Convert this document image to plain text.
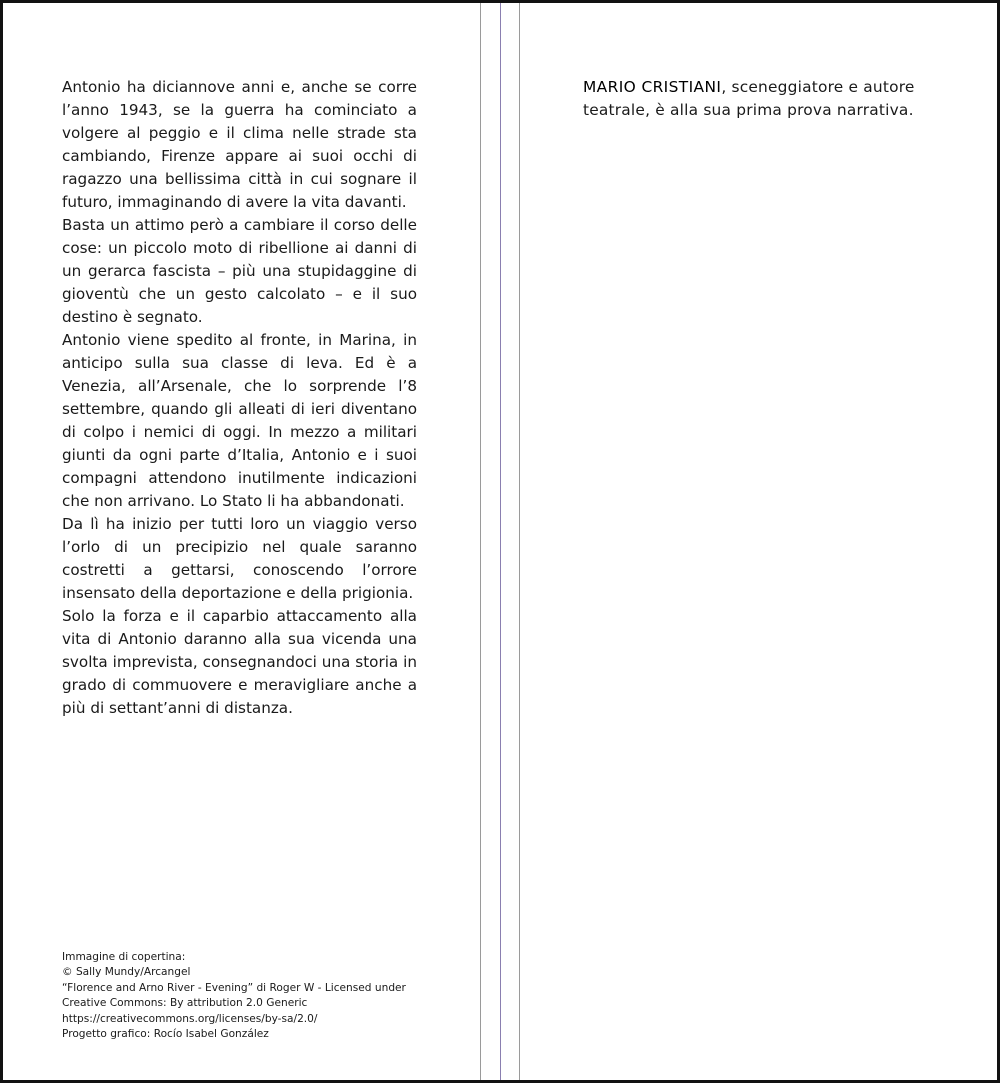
Antonio ha diciannove anni e, anche se corre l’anno 1943, se la guerra ha cominciato a volgere al peggio e il clima nelle strade sta cambiando, Firenze appare ai suoi occhi di ragazzo una bellissima città in cui sognare il futuro, immaginando di avere la vita davanti.

Basta un attimo però a cambiare il corso delle cose: un piccolo moto di ribellione ai danni di un gerarca fascista – più una stupidaggine di gioventù che un gesto calcolato – e il suo destino è segnato.

Antonio viene spedito al fronte, in Marina, in anticipo sulla sua classe di leva. Ed è a Venezia, all’Arsenale, che lo sorprende l’8 settembre, quando gli alleati di ieri diventano di colpo i nemici di oggi. In mezzo a militari giunti da ogni parte d’Italia, Antonio e i suoi compagni attendono inutilmente indicazioni che non arrivano. Lo Stato li ha abbandonati.

Da lì ha inizio per tutti loro un viaggio verso l’orlo di un precipizio nel quale saranno costretti a gettarsi, conoscendo l’orrore insensato della deportazione e della prigionia.

Solo la forza e il caparbio attaccamento alla vita di Antonio daranno alla sua vicenda una svolta imprevista, consegnandoci una storia in grado di commuovere e meravigliare anche a più di settant’anni di distanza.

Immagine di copertina:
© Sally Mundy/Arcangel
“Florence and Arno River - Evening” di Roger W - Licensed under
Creative Commons: By attribution 2.0 Generic
https://creativecommons.org/licenses/by-sa/2.0/
Progetto grafico: Rocío Isabel González
MARIO CRISTIANI, sceneggiatore e autore teatrale, è alla sua prima prova narrativa.
